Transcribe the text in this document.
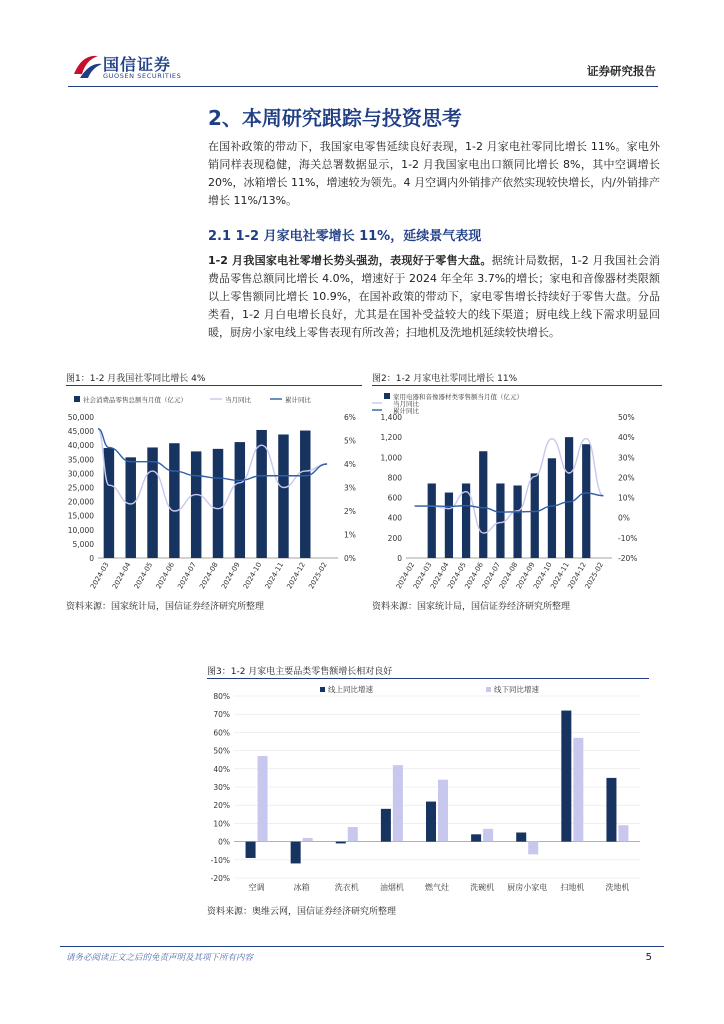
国信证券
GUOSEN SECURITIES	证券研究报告
2、本周研究跟踪与投资思考
在国补政策的带动下，我国家电零售延续良好表现，1-2 月家电社零同比增长 11%。家电外销同样表现稳健，海关总署数据显示，1-2 月我国家电出口额同比增长 8%，其中空调增长 20%，冰箱增长 11%，增速较为领先。4 月空调内外销排产依然实现较快增长，内/外销排产增长 11%/13%。
2.1 1-2 月家电社零增长 11%，延续景气表现
1-2 月我国家电社零增长势头强劲，表现好于零售大盘。据统计局数据，1-2 月我国社会消费品零售总额同比增长 4.0%，增速好于 2024 年全年 3.7%的增长；家电和音像器材类限额以上零售额同比增长 10.9%，在国补政策的带动下，家电零售增长持续好于零售大盘。分品类看，1-2 月白电增长良好，尤其是在国补受益较大的线下渠道；厨电线上线下需求明显回暖，厨房小家电线上零售表现有所改善；扫地机及洗地机延续较快增长。
图1：1-2 月我国社零同比增长 4%
社会消费品零售总额当月值（亿元）	当月同比	累计同比
50,000
45,000
40,000
35,000
30,000
25,000
20,000
15,000
10,000
5,000
0
6%
5%
4%
3%
2%
1%
0%
2024-03 2024-04 2024-05 2024-06 2024-07 2024-08 2024-09 2024-10 2024-11 2024-12 2025-02
资料来源：国家统计局，国信证券经济研究所整理
图2：1-2 月家电社零同比增长 11%
家用电器和音像器材类零售额当月值（亿元）
当月同比
累计同比
1,400
1,200
1,000
800
600
400
200
0
50%
40%
30%
20%
10%
0%
-10%
-20%
2024-02
2024-03
2024-04
2024-05
2024-06
2024-07
2024-08
2024-09
2024-10
2024-11
2024-12
2025-02
资料来源：国家统计局，国信证券经济研究所整理
图3：1-2 月家电主要品类零售额增长相对良好
80%
70%
60%
50%
40%
30%
20%
10%
0%
-10%
-20%
空调	冰箱	洗衣机	油烟机	燃气灶	洗碗机 厨房小家电 扫地机	洗地机
线上同比增速	线下同比增速
资料来源：奥维云网，国信证券经济研究所整理
请务必阅读正文之后的免责声明及其项下所有内容	5
